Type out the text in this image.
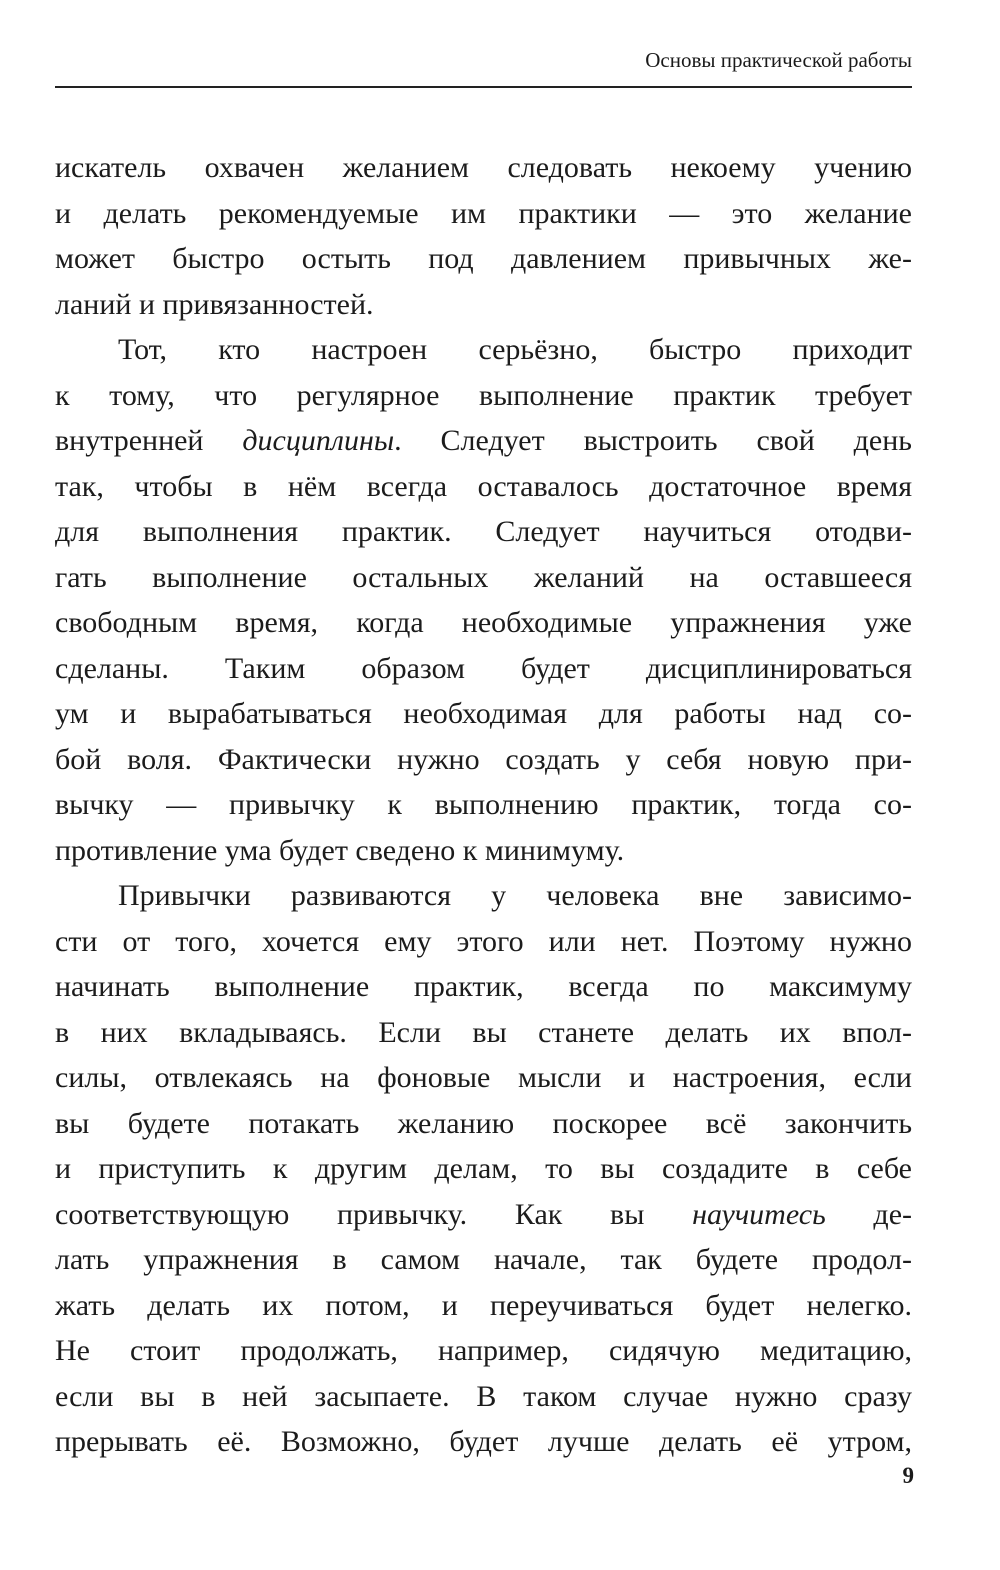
Основы практической работы
искатель охвачен желанием следовать некоему учению
и делать рекомендуемые им практики — это желание
может быстро остыть под давлением привычных же-
ланий и привязанностей.
Тот, кто настроен серьёзно, быстро приходит
к тому, что регулярное выполнение практик требует
внутренней дисциплины. Следует выстроить свой день
так, чтобы в нём всегда оставалось достаточное время
для выполнения практик. Следует научиться отодви-
гать выполнение остальных желаний на оставшееся
свободным время, когда необходимые упражнения уже
сделаны. Таким образом будет дисциплинироваться
ум и вырабатываться необходимая для работы над со-
бой воля. Фактически нужно создать у себя новую при-
вычку — привычку к выполнению практик, тогда со-
противление ума будет сведено к минимуму.
Привычки развиваются у человека вне зависимо-
сти от того, хочется ему этого или нет. Поэтому нужно
начинать выполнение практик, всегда по максимуму
в них вкладываясь. Если вы станете делать их впол-
силы, отвлекаясь на фоновые мысли и настроения, если
вы будете потакать желанию поскорее всё закончить
и приступить к другим делам, то вы создадите в себе
соответствующую привычку. Как вы научитесь де-
лать упражнения в самом начале, так будете продол-
жать делать их потом, и переучиваться будет нелегко.
Не стоит продолжать, например, сидячую медитацию,
если вы в ней засыпаете. В таком случае нужно сразу
прерывать её. Возможно, будет лучше делать её утром,
9
